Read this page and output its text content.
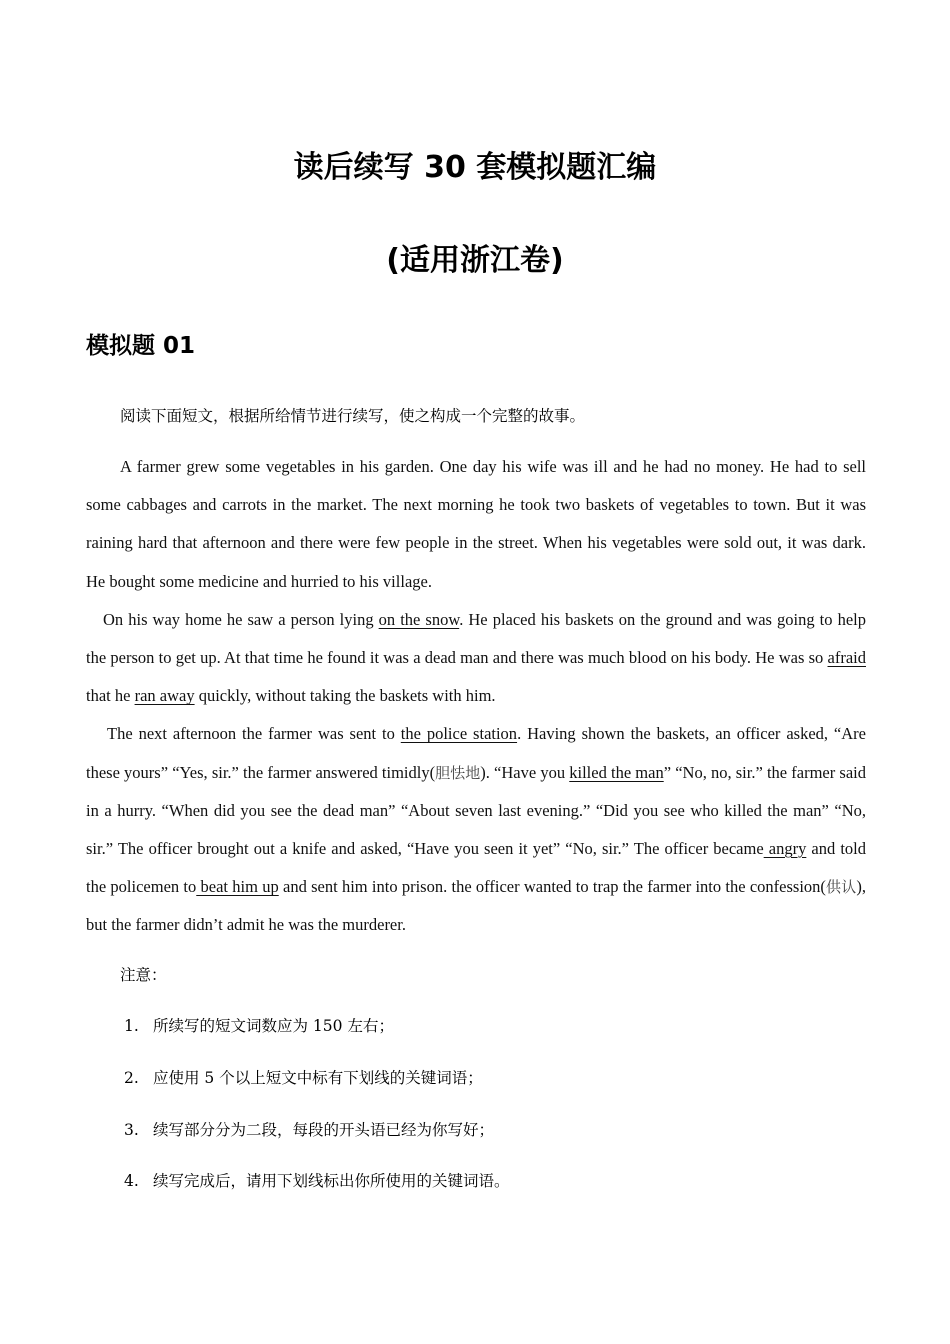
读后续写 30 套模拟题汇编
(适用浙江卷)
模拟题 01
阅读下面短文，根据所给情节进行续写，使之构成一个完整的故事。

A farmer grew some vegetables in his garden. One day his wife was ill and he had no money. He had to sell some cabbages and carrots in the market. The next morning he took two baskets of vegetables to town. But it was raining hard that afternoon and there were few people in the street. When his vegetables were sold out, it was dark. He bought some medicine and hurried to his village.

On his way home he saw a person lying on the snow. He placed his baskets on the ground and was going to help the person to get up. At that time he found it was a dead man and there was much blood on his body. He was so afraid that he ran away quickly, without taking the baskets with him.

The next afternoon the farmer was sent to the police station. Having shown the baskets, an officer asked, “Are these yours” “Yes, sir.” the farmer answered timidly(胆怯地). “Have you killed the man” “No, no, sir.” the farmer said in a hurry. “When did you see the dead man” “About seven last evening.” “Did you see who killed the man” “No, sir.” The officer brought out a knife and asked, “Have you seen it yet” “No, sir.” The officer became angry and told the policemen to beat him up and sent him into prison. the officer wanted to trap the farmer into the confession(供认), but the farmer didn’t admit he was the murderer.

注意：
1. 所续写的短文词数应为 150 左右；
2. 应使用 5 个以上短文中标有下划线的关键词语；
3. 续写部分分为二段，每段的开头语已经为你写好；
4. 续写完成后，请用下划线标出你所使用的关键词语。
